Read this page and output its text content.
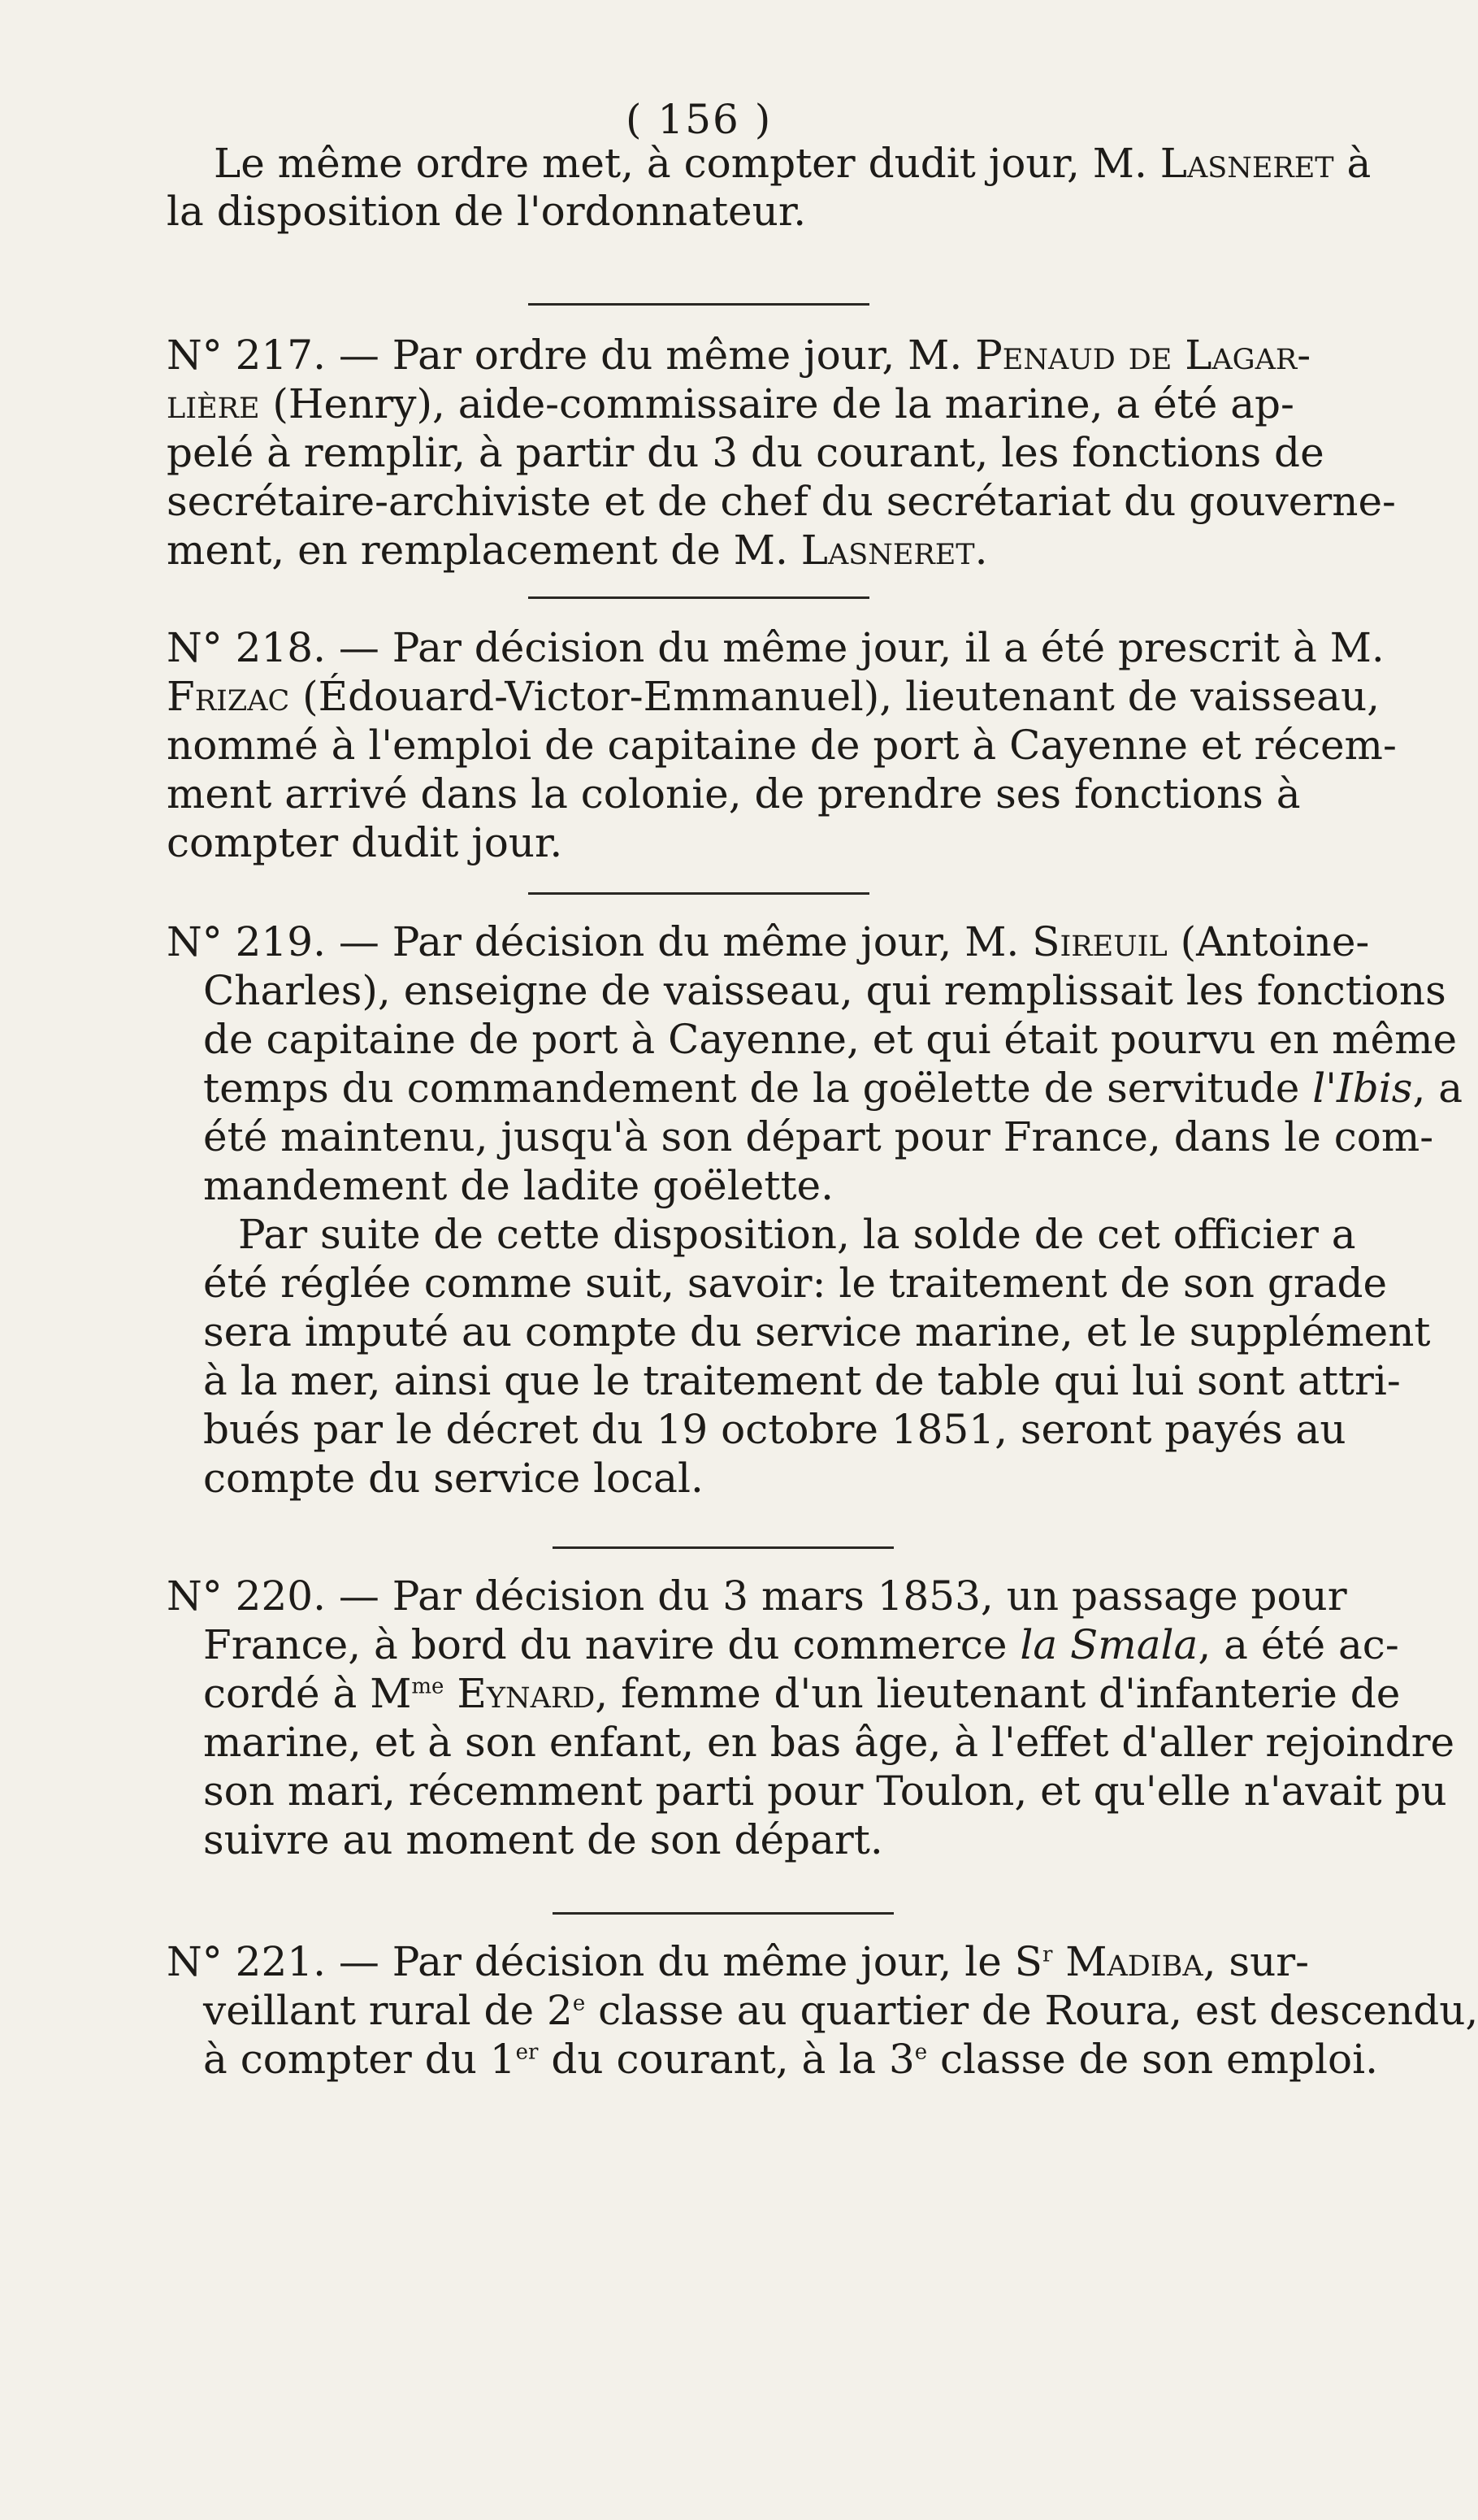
( 156 )

Le même ordre met, à compter dudit jour, M. Lasneret à

la disposition de l'ordonnateur.

N° 217. — Par ordre du même jour, M. Penaud de Lagar-

lière (Henry), aide-commissaire de la marine, a été ap-

pelé à remplir, à partir du 3 du courant, les fonctions de

secrétaire-archiviste et de chef du secrétariat du gouverne-

ment, en remplacement de M. Lasneret.

N° 218. — Par décision du même jour, il a été prescrit à M.

Frizac (Édouard-Victor-Emmanuel), lieutenant de vaisseau,

nommé à l'emploi de capitaine de port à Cayenne et récem-

ment arrivé dans la colonie, de prendre ses fonctions à

compter dudit jour.

N° 219. — Par décision du même jour, M. Sireuil (Antoine-

Charles), enseigne de vaisseau, qui remplissait les fonctions

de capitaine de port à Cayenne, et qui était pourvu en même

temps du commandement de la goëlette de servitude l'Ibis, a

été maintenu, jusqu'à son départ pour France, dans le com-

mandement de ladite goëlette.

Par suite de cette disposition, la solde de cet officier a

été réglée comme suit, savoir: le traitement de son grade

sera imputé au compte du service marine, et le supplément

à la mer, ainsi que le traitement de table qui lui sont attri-

bués par le décret du 19 octobre 1851, seront payés au

compte du service local.

N° 220. — Par décision du 3 mars 1853, un passage pour

France, à bord du navire du commerce la Smala, a été ac-

cordé à $M^{me}$ Eynard, femme d'un lieutenant d'infanterie de

marine, et à son enfant, en bas âge, à l'effet d'aller rejoindre

son mari, récemment parti pour Toulon, et qu'elle n'avait pu

suivre au moment de son départ.

N° 221. — Par décision du même jour, le $S^r$ Madiba, sur-

veillant rural de 2e classe au quartier de Roura, est descendu,

à compter du 1er du courant, à la 3e classe de son emploi.
